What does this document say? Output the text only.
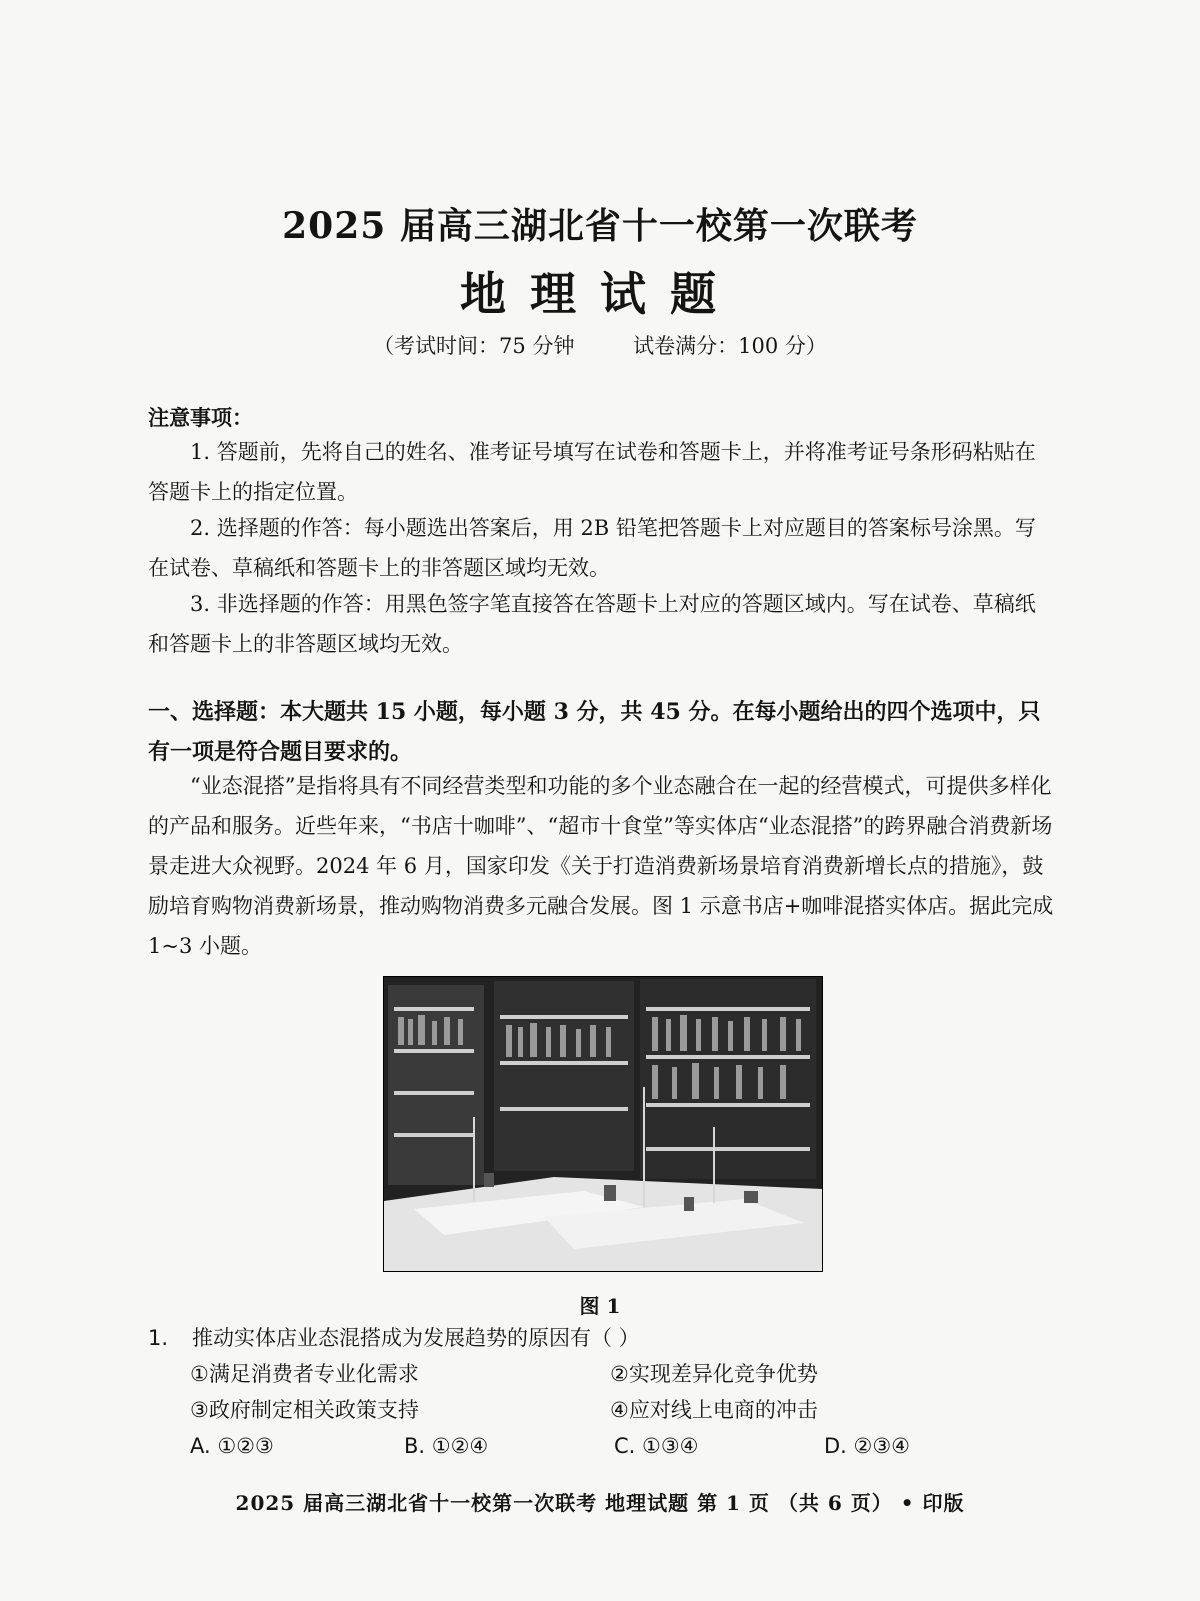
2025 届高三湖北省十一校第一次联考
地理试题
（考试时间：75 分钟	试卷满分：100 分）
注意事项：
1. 答题前，先将自己的姓名、准考证号填写在试卷和答题卡上，并将准考证号条形码粘贴在答题卡上的指定位置。
2. 选择题的作答：每小题选出答案后，用 2B 铅笔把答题卡上对应题目的答案标号涂黑。写在试卷、草稿纸和答题卡上的非答题区域均无效。
3. 非选择题的作答：用黑色签字笔直接答在答题卡上对应的答题区域内。写在试卷、草稿纸和答题卡上的非答题区域均无效。
一、选择题：本大题共 15 小题，每小题 3 分，共 45 分。在每小题给出的四个选项中，只有一项是符合题目要求的。
“业态混搭”是指将具有不同经营类型和功能的多个业态融合在一起的经营模式，可提供多样化的产品和服务。近些年来，“书店十咖啡”、“超市十食堂”等实体店“业态混搭”的跨界融合消费新场景走进大众视野。2024 年 6 月，国家印发《关于打造消费新场景培育消费新增长点的措施》，鼓励培育购物消费新场景，推动购物消费多元融合发展。图 1 示意书店+咖啡混搭实体店。据此完成 1~3 小题。
图 1
1. 推动实体店业态混搭成为发展趋势的原因有（ ）
①满足消费者专业化需求	②实现差异化竞争优势
③政府制定相关政策支持	④应对线上电商的冲击
A. ①②③	B. ①②④	C. ①③④	D. ②③④
2025 届高三湖北省十一校第一次联考 地理试题 第 1 页 （共 6 页） • 印版
